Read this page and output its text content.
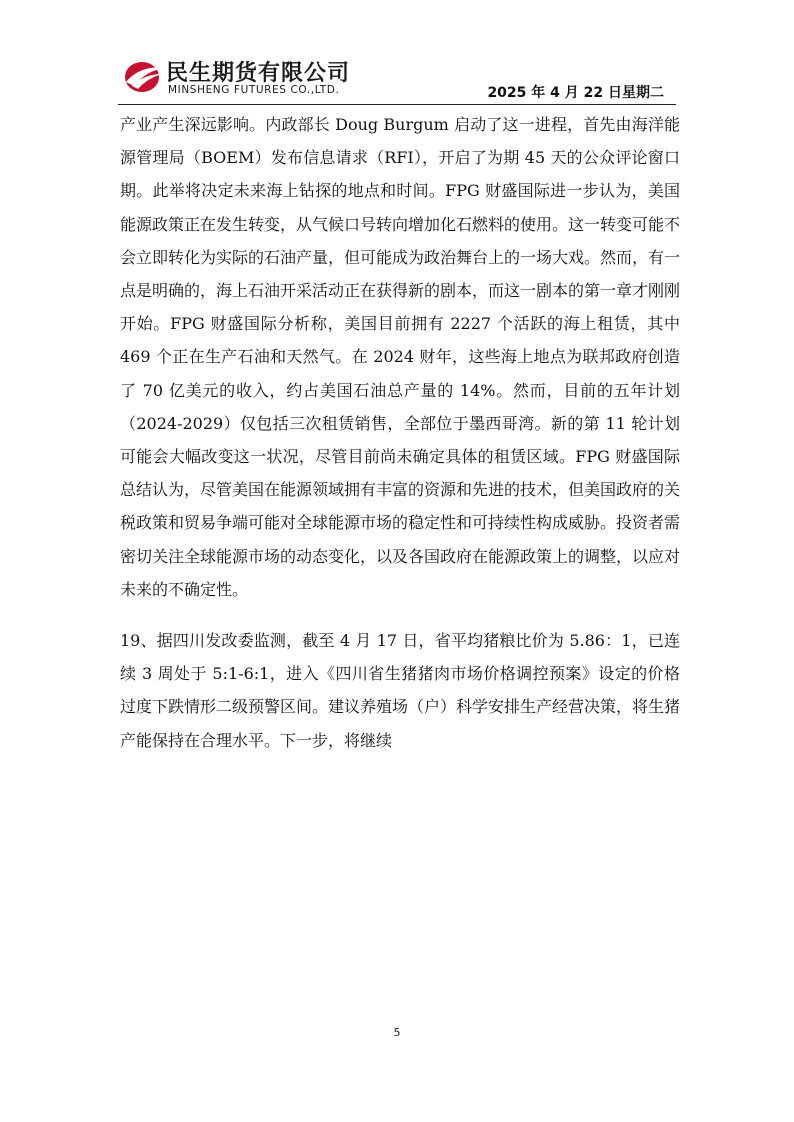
民生期货有限公司
MINSHENG FUTURES CO.,LTD.	2025 年 4 月 22 日星期二

产业产生深远影响。内政部长 Doug Burgum 启动了这一进程，首先由海洋能源管理局（BOEM）发布信息请求（RFI），开启了为期 45 天的公众评论窗口期。此举将决定未来海上钻探的地点和时间。FPG 财盛国际进一步认为，美国能源政策正在发生转变，从气候口号转向增加化石燃料的使用。这一转变可能不会立即转化为实际的石油产量，但可能成为政治舞台上的一场大戏。然而，有一点是明确的，海上石油开采活动正在获得新的剧本，而这一剧本的第一章才刚刚开始。FPG 财盛国际分析称，美国目前拥有 2227 个活跃的海上租赁，其中 469 个正在生产石油和天然气。在 2024 财年，这些海上地点为联邦政府创造了 70 亿美元的收入，约占美国石油总产量的 14%。然而，目前的五年计划（2024-2029）仅包括三次租赁销售，全部位于墨西哥湾。新的第 11 轮计划可能会大幅改变这一状况，尽管目前尚未确定具体的租赁区域。FPG 财盛国际总结认为，尽管美国在能源领域拥有丰富的资源和先进的技术，但美国政府的关税政策和贸易争端可能对全球能源市场的稳定性和可持续性构成威胁。投资者需密切关注全球能源市场的动态变化，以及各国政府在能源政策上的调整，以应对未来的不确定性。

19、据四川发改委监测，截至 4 月 17 日，省平均猪粮比价为 5.86：1，已连续 3 周处于 5:1-6:1，进入《四川省生猪猪肉市场价格调控预案》设定的价格过度下跌情形二级预警区间。建议养殖场（户）科学安排生产经营决策，将生猪产能保持在合理水平。下一步，将继续

5
